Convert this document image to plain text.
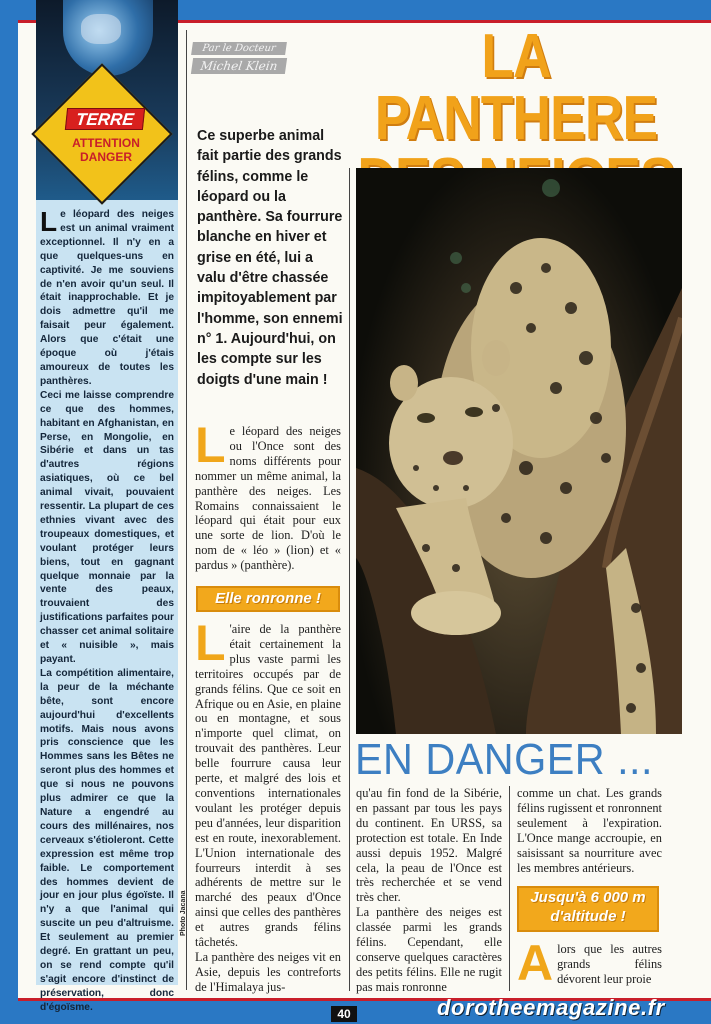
TERRE
ATTENTION
DANGER

Le léopard des neiges est un animal vraiment exceptionnel. Il n'y en a que quelques-uns en captivité. Je me souviens de n'en avoir qu'un seul. Il était inapprochable. Et je dois admettre qu'il me faisait peur également. Alors que c'était une époque où j'étais amoureux de toutes les panthères.

Ceci me laisse comprendre ce que des hommes, habitant en Afghanistan, en Perse, en Mongolie, en Sibérie et dans un tas d'autres régions asiatiques, où ce bel animal vivait, pouvaient ressentir. La plupart de ces ethnies vivant avec des troupeaux domestiques, et voulant protéger leurs biens, tout en gagnant quelque monnaie par la vente des peaux, trouvaient des justifications parfaites pour chasser cet animal solitaire et « nuisible », mais payant.

La compétition alimentaire, la peur de la méchante bête, sont encore aujourd'hui d'excellents motifs. Mais nous avons pris conscience que les Hommes sans les Bêtes ne seront plus des hommes et que si nous ne pouvons plus admirer ce que la Nature a engendré au cours des millénaires, nos cerveaux s'étioleront. Cette expression est même trop faible. Le comportement des hommes devient de jour en jour plus égoïste. Il n'y a que l'animal qui suscite un peu d'altruisme. Et seulement au premier degré. En grattant un peu, on se rend compte qu'il s'agit encore d'instinct de préservation, donc d'égoïsme.

Par le Docteur
Michel Klein	LA PANTHERE
Ce superbe animal fait partie des grands félins, comme le léopard ou la panthère. Sa fourrure blanche en hiver et grise en été, lui a valu d'être chassée impitoyablement par l'homme, son ennemi n° 1. Aujourd'hui, on les compte sur les doigts d'une main !

Le léopard des neiges ou l'Once sont des noms différents pour nommer un même animal, la panthère des neiges. Les Romains connaissaient le léopard qui était pour eux une sorte de lion. D'où le nom de « léo » (lion) et « pardus » (panthère).

Elle ronronne !

L 'aire de la panthère était certainement la plus vaste parmi les territoires occupés par de grands félins. Que ce soit en Afrique ou en Asie, en plaine ou en montagne, et sous n'importe quel climat, on trouvait des panthères. Leur belle fourrure causa leur perte, et malgré des lois et conventions internationales voulant les protéger depuis peu d'années, leur disparition est en route, inexorablement. L'Union internationale des fourreurs interdit à ses adhérents de mettre sur le marché des peaux d'Once ainsi que celles des panthères et autres grands félins tâchetés.

La panthère des neiges vit en Asie, depuis les contreforts de l'Himalaya jus-

EN DANGER ...

qu'au fin fond de la Sibérie, en passant par tous les pays du continent. En URSS, sa protection est totale. En Inde aussi depuis 1952. Malgré cela, la peau de l'Once est très recherchée et se vend très cher.

La panthère des neiges est classée parmi les grands félins. Cependant, elle conserve quelques caractères des petits félins. Elle ne rugit pas mais ronronne

comme un chat. Les grands félins rugissent et ronronnent seulement à l'expiration. L'Once mange accroupie, en saisissant sa nourriture avec les membres antérieurs.

Jusqu'à 6 000 m
d'altitude !

Alors que les autres grands félins dévorent leur proie

Photo Jacana
40	dorotheemagazine.fr
